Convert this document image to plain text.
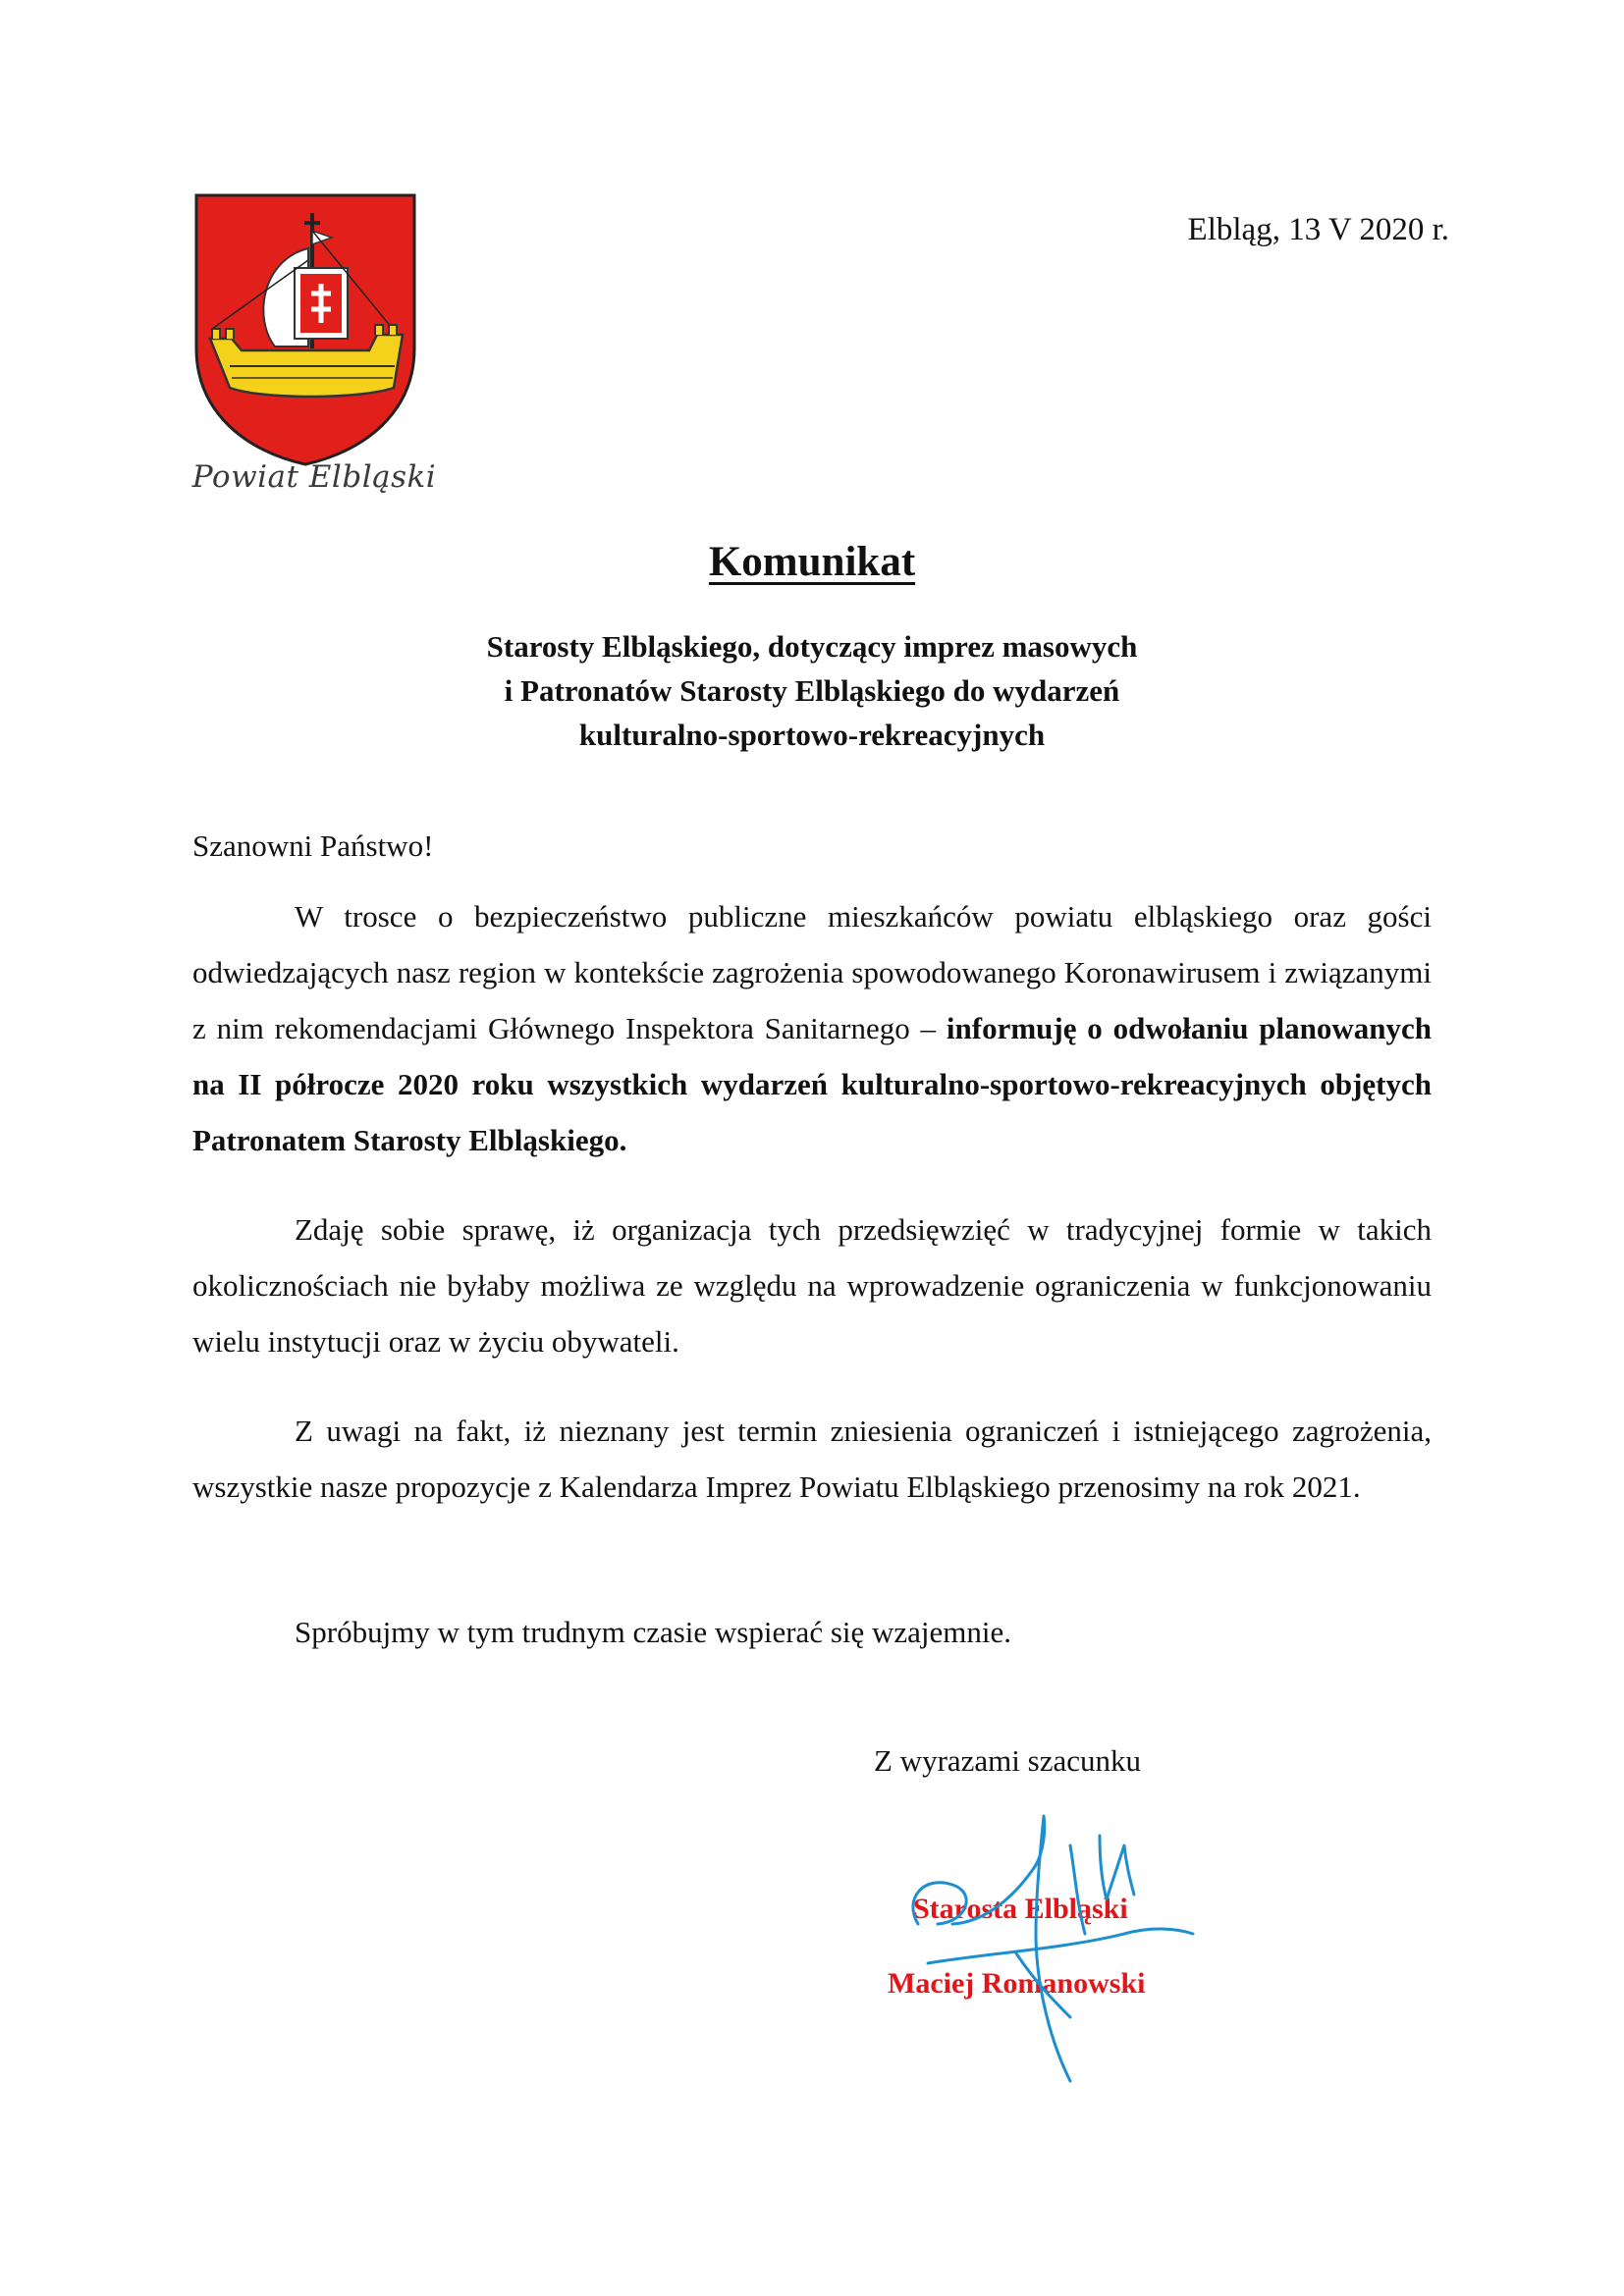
Powiat Elbląski
Elbląg, 13 V 2020 r.
Komunikat
Starosty Elbląskiego, dotyczący imprez masowych
i Patronatów Starosty Elbląskiego do wydarzeń
kulturalno-sportowo-rekreacyjnych
Szanowni Państwo!

W trosce o bezpieczeństwo publiczne mieszkańców powiatu elbląskiego oraz gości odwiedzających nasz region w kontekście zagrożenia spowodowanego Koronawirusem i związanymi z nim rekomendacjami Głównego Inspektora Sanitarnego – informuję o odwołaniu planowanych na II półrocze 2020 roku wszystkich wydarzeń kulturalno-sportowo-rekreacyjnych objętych Patronatem Starosty Elbląskiego.

Zdaję sobie sprawę, iż organizacja tych przedsięwzięć w tradycyjnej formie w takich okolicznościach nie byłaby możliwa ze względu na wprowadzenie ograniczenia w funkcjonowaniu wielu instytucji oraz w życiu obywateli.

Z uwagi na fakt, iż nieznany jest termin zniesienia ograniczeń i istniejącego zagrożenia, wszystkie nasze propozycje z Kalendarza Imprez Powiatu Elbląskiego przenosimy na rok 2021.

Spróbujmy w tym trudnym czasie wspierać się wzajemnie.

Z wyrazami szacunku
Starosta Elbląski
Maciej Romanowski
